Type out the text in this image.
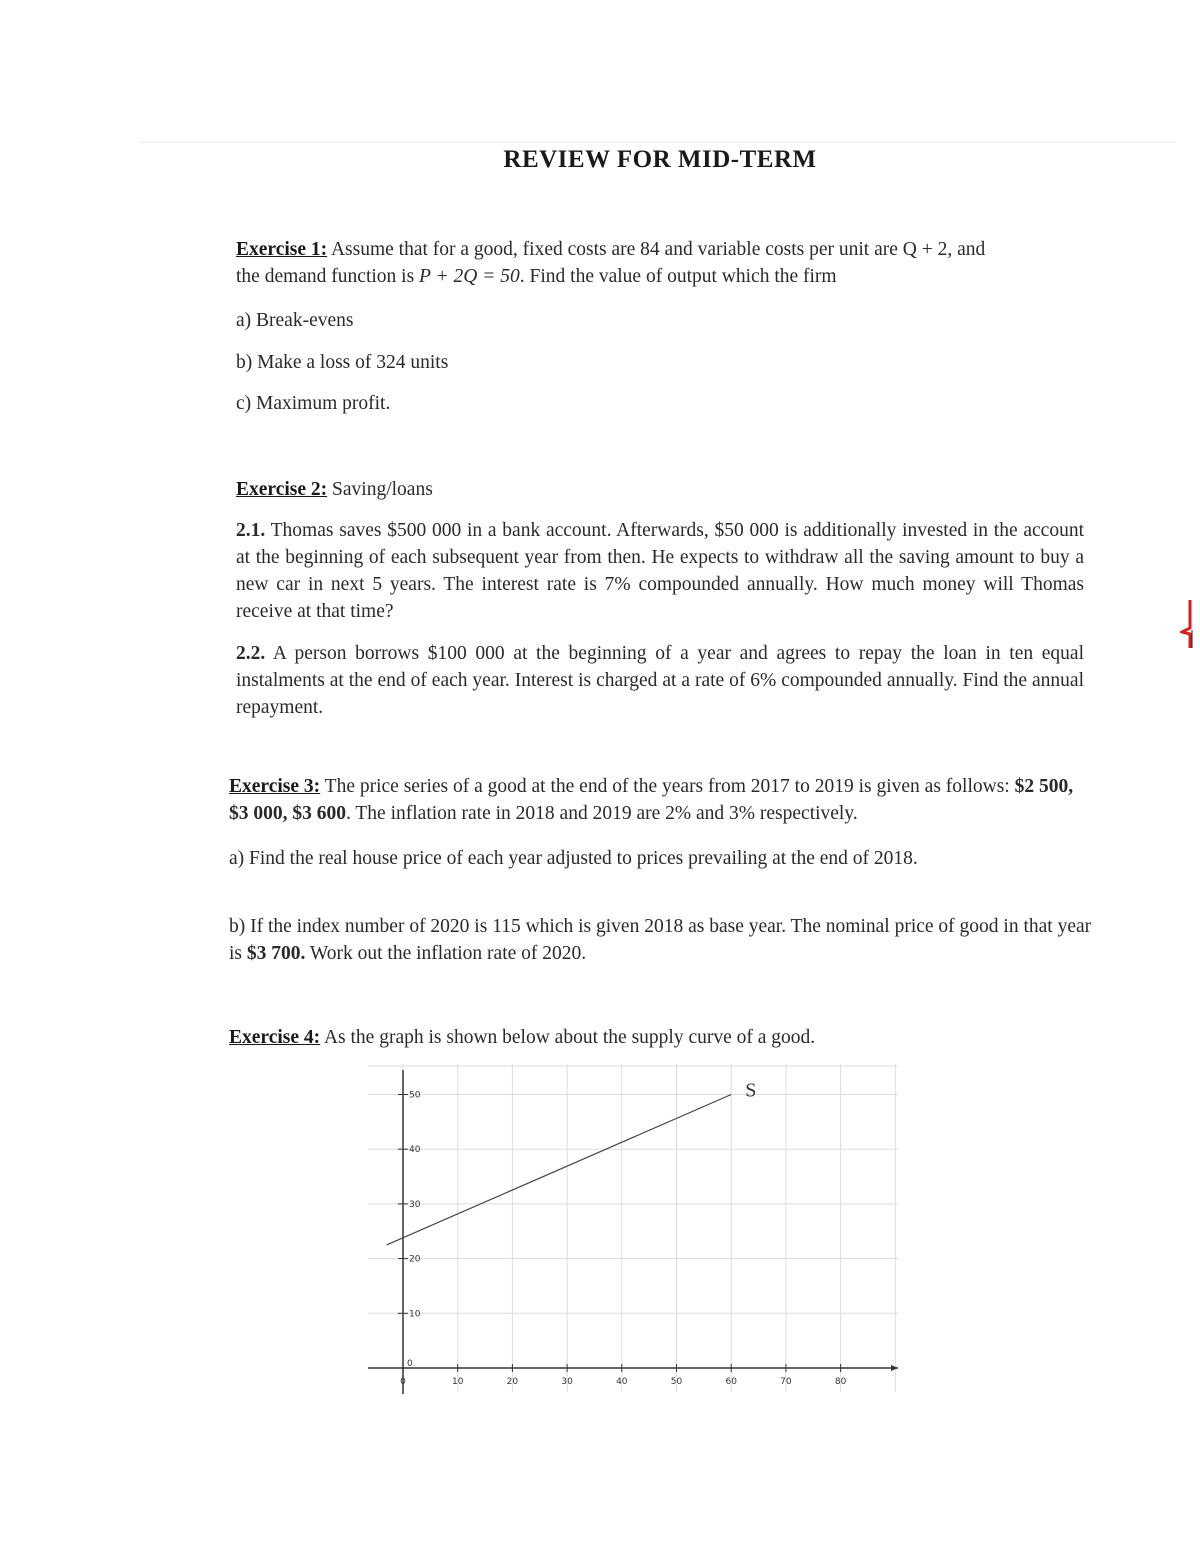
REVIEW FOR MID-TERM
Exercise 1: Assume that for a good, fixed costs are 84 and variable costs per unit are Q + 2, and
the demand function is P + 2Q = 50. Find the value of output which the firm
a) Break-evens
b) Make a loss of 324 units
c) Maximum profit.
Exercise 2: Saving/loans
2.1. Thomas saves $500 000 in a bank account. Afterwards, $50 000 is additionally invested in the account at the beginning of each subsequent year from then. He expects to withdraw all the saving amount to buy a new car in next 5 years. The interest rate is 7% compounded annually. How much money will Thomas receive at that time?
2.2. A person borrows $100 000 at the beginning of a year and agrees to repay the loan in ten equal instalments at the end of each year. Interest is charged at a rate of 6% compounded annually. Find the annual repayment.
Exercise 3: The price series of a good at the end of the years from 2017 to 2019 is given as follows: $2 500, $3 000, $3 600. The inflation rate in 2018 and 2019 are 2% and 3% respectively.
a) Find the real house price of each year adjusted to prices prevailing at the end of 2018.
b) If the index number of 2020 is 115 which is given 2018 as base year. The nominal price of good in that year is $3 700. Work out the inflation rate of 2020.
Exercise 4: As the graph is shown below about the supply curve of a good.
0	10	20	30	40	50	60	70	80
0
10
20
30
40
50	S
